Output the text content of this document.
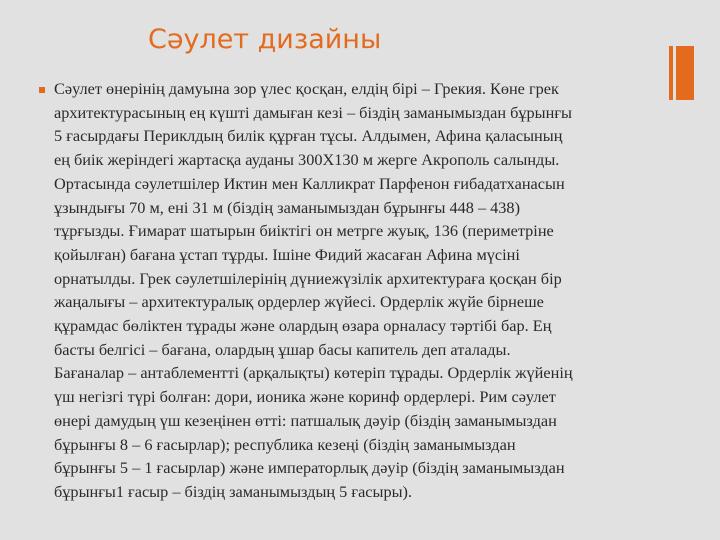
Сәулет дизайны

Сәулет өнерінің дамуына зор үлес қосқан, елдің бірі – Грекия. Көне грек
архитектурасының ең күшті дамыған кезі – біздің заманымыздан бұрынғы
5 ғасырдағы Периклдың билік құрған тұсы. Алдымен, Афина қаласының
ең биік жеріндегі жартасқа ауданы 300Х130 м жерге Акрополь салынды.
Ортасында сәулетшілер Иктин мен Калликрат Парфенон ғибадатханасын
ұзындығы 70 м, ені 31 м (біздің заманымыздан бұрынғы 448 – 438)
тұрғызды. Ғимарат шатырын биіктігі он метрге жуық, 136 (периметріне
қойылған) бағана ұстап тұрды. Ішіне Фидий жасаған Афина мүсіні
орнатылды. Грек сәулетшілерінің дүниежүзілік архитектураға қосқан бір
жаңалығы – архитектуралық ордерлер жүйесі. Ордерлік жүйе бірнеше
құрамдас бөліктен тұрады және олардың өзара орналасу тәртібі бар. Ең
басты белгісі – бағана, олардың ұшар басы капитель деп аталады.
Бағаналар – антаблементті (арқалықты) көтеріп тұрады. Ордерлік жүйенің
үш негізгі түрі болған: дори, ионика және коринф ордерлері. Рим сәулет
өнері дамудың үш кезеңінен өтті: патшалық дәуір (біздің заманымыздан
бұрынғы 8 – 6 ғасырлар); республика кезеңі (біздің заманымыздан
бұрынғы 5 – 1 ғасырлар) және императорлық дәуір (біздің заманымыздан
бұрынғы1 ғасыр – біздің заманымыздың 5 ғасыры).
